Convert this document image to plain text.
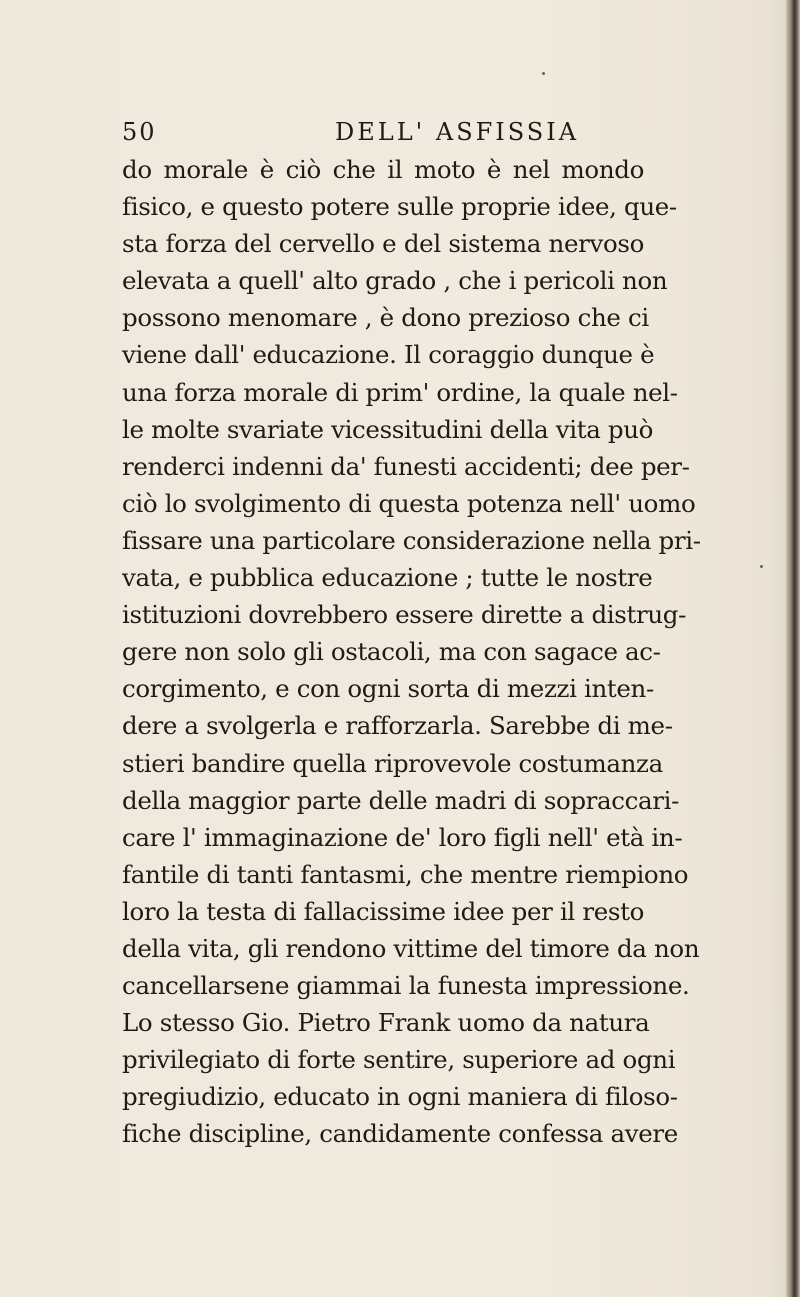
50	DELL' ASFISSIA
do morale è ciò che il moto è nel mondo
fisico, e questo potere sulle proprie idee, que-
sta forza del cervello e del sistema nervoso
elevata a quell' alto grado , che i pericoli non
possono menomare , è dono prezioso che ci
viene dall' educazione. Il coraggio dunque è
una forza morale di prim' ordine, la quale nel-
le molte svariate vicessitudini della vita può
renderci indenni da' funesti accidenti; dee per-
ciò lo svolgimento di questa potenza nell' uomo
fissare una particolare considerazione nella pri-
vata, e pubblica educazione ; tutte le nostre
istituzioni dovrebbero essere dirette a distrug-
gere non solo gli ostacoli, ma con sagace ac-
corgimento, e con ogni sorta di mezzi inten-
dere a svolgerla e rafforzarla. Sarebbe di me-
stieri bandire quella riprovevole costumanza
della maggior parte delle madri di sopraccari-
care l' immaginazione de' loro figli nell' età in-
fantile di tanti fantasmi, che mentre riempiono
loro la testa di fallacissime idee per il resto
della vita, gli rendono vittime del timore da non
cancellarsene giammai la funesta impressione.
Lo stesso Gio. Pietro Frank uomo da natura
privilegiato di forte sentire, superiore ad ogni
pregiudizio, educato in ogni maniera di filoso-
fiche discipline, candidamente confessa avere
